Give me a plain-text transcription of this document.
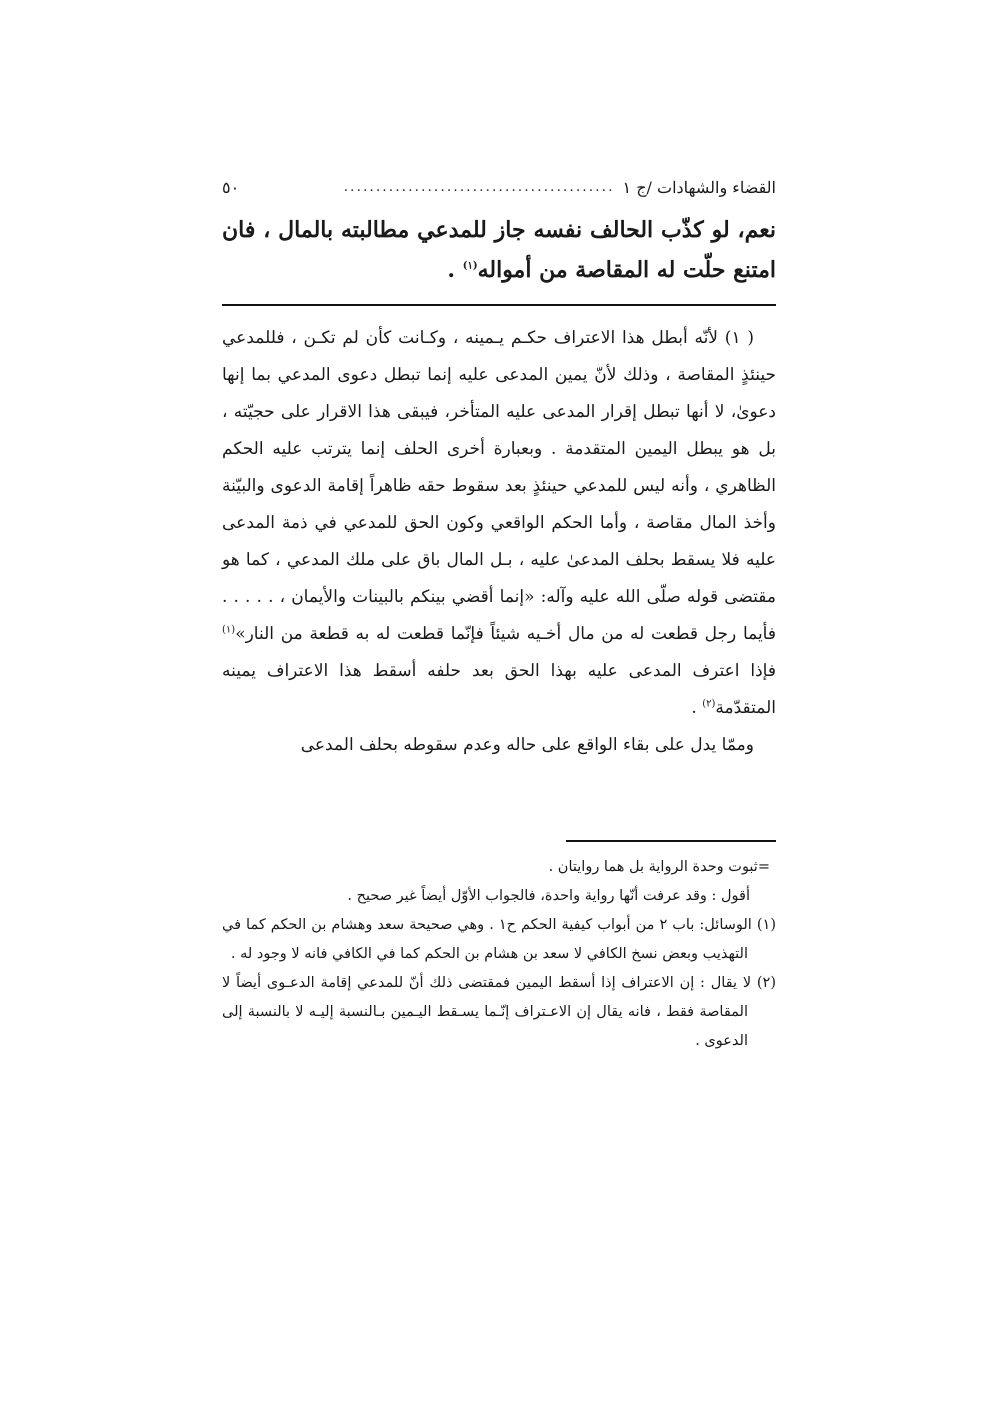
القضاء والشهادات /ج ١
..........................................
٥٠

نعم، لو كذّب الحالف نفسه جاز للمدعي مطالبته بالمال ، فان امتنع حلّت له المقاصة من أمواله$^{(١)}$ .

( ١) لأنّه أبطل هذا الاعتراف حكـم يـمينه ، وكـانت كأن لم تكـن ، فللمدعي حينئذٍ المقاصة ، وذلك لأنّ يمين المدعى عليه إنما تبطل دعوى المدعي بما إنها دعوىٰ، لا أنها تبطل إقرار المدعى عليه المتأخر، فيبقى هذا الاقرار على حجيّته ، بل هو يبطل اليمين المتقدمة . وبعبارة أخرى الحلف إنما يترتب عليه الحكم الظاهري ، وأنه ليس للمدعي حينئذٍ بعد سقوط حقه ظاهراً إقامة الدعوى والبيّنة وأخذ المال مقاصة ، وأما الحكم الواقعي وكون الحق للمدعي في ذمة المدعى عليه فلا يسقط بحلف المدعىٰ عليه ، بـل المال باق على ملك المدعي ، كما هو مقتضى قوله صلّى الله عليه وآله: «إنما أقضي بينكم بالبينات والأيمان ، . . . . . فأيما رجل قطعت له من مال أخـيه شيئاً فإنّما قطعت له به قطعة من النار»$^{(١)}$ فإذا اعترف المدعى عليه بهذا الحق بعد حلفه أسقط هذا الاعتراف يمينه المتقدّمة$^{(٢)}$ .

وممّا يدل على بقاء الواقع على حاله وعدم سقوطه بحلف المدعى

=ثبوت وحدة الرواية بل هما روايتان .

أقول : وقد عرفت أنّها رواية واحدة، فالجواب الأوّل أيضاً غير صحيح .

(١) الوسائل: باب ٢ من أبواب كيفية الحكم ح١ . وهي صحيحة سعد وهشام بن الحكم كما في التهذيب وبعض نسخ الكافي لا سعد بن هشام بن الحكم كما في الكافي فانه لا وجود له .

(٢) لا يقال : إن الاعتراف إذا أسقط اليمين فمقتضى ذلك أنّ للمدعي إقامة الدعـوى أيضاً لا المقاصة فقط ، فانه يقال إن الاعـتراف إنّـما يسـقط اليـمين بـالنسبة إليـه لا بالنسبة إلى الدعوى .
